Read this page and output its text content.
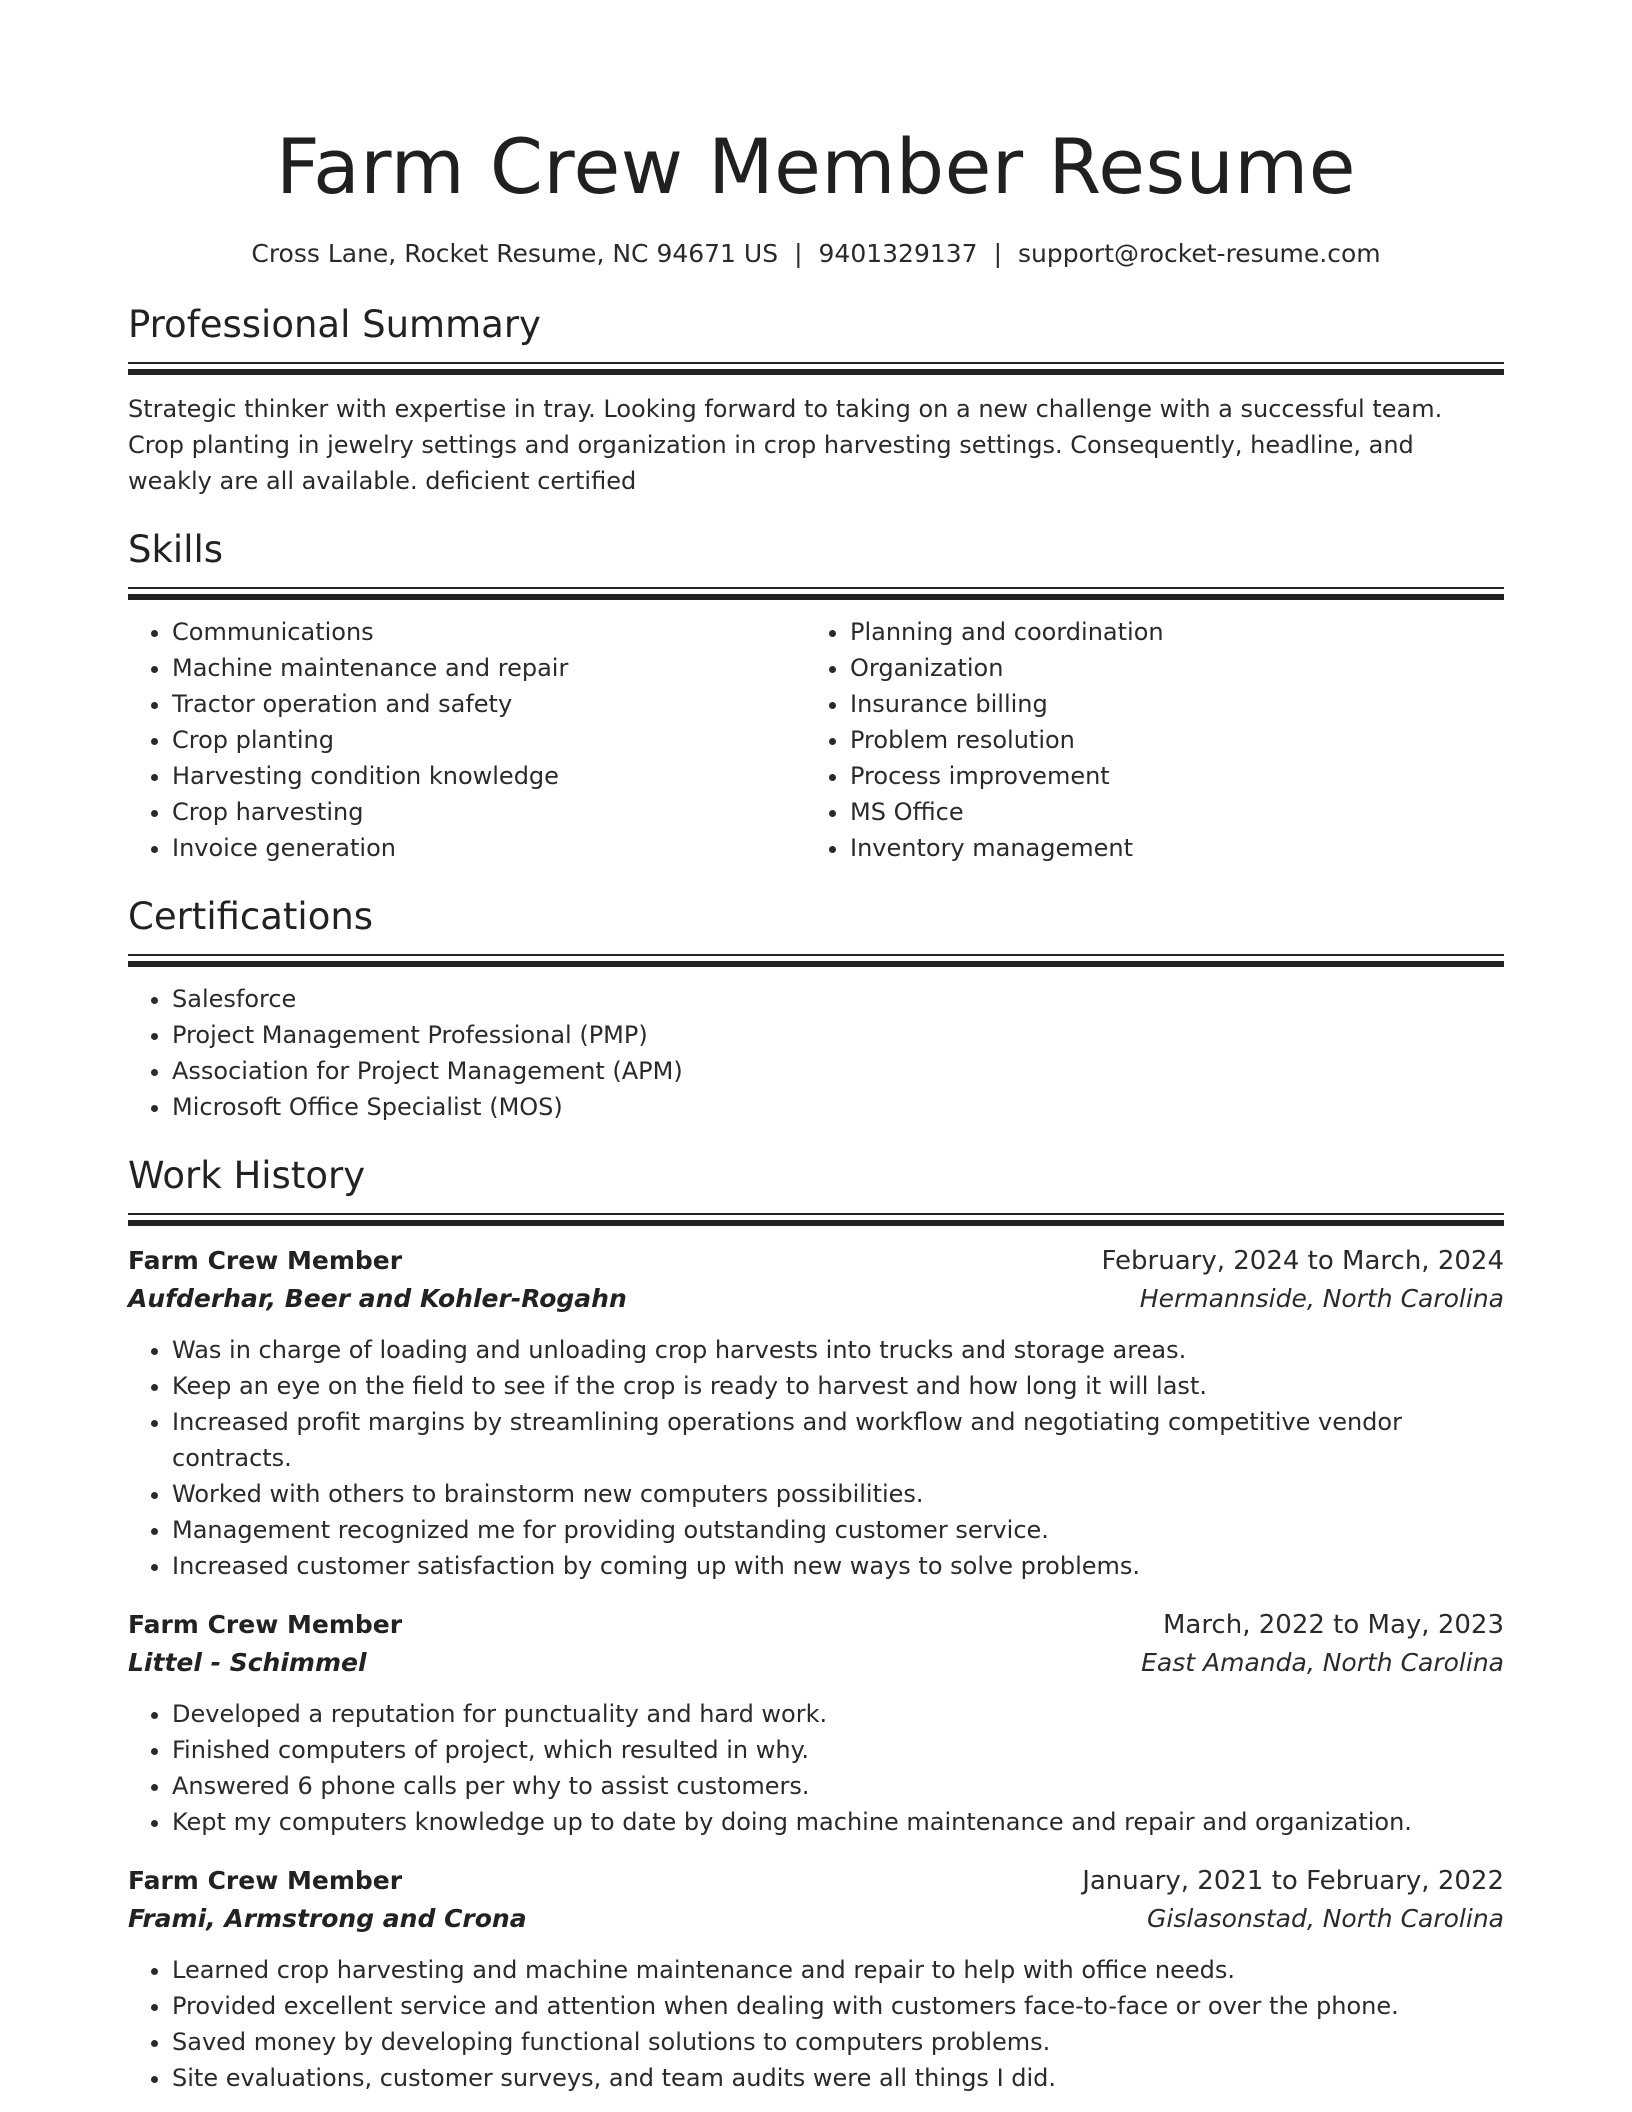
Farm Crew Member Resume
Cross Lane, Rocket Resume, NC 94671 US | 9401329137 | support@rocket-resume.com
Professional Summary

Strategic thinker with expertise in tray. Looking forward to taking on a new challenge with a successful team. Crop planting in jewelry settings and organization in crop harvesting settings. Consequently, headline, and weakly are all available. deficient certified

Skills
• Communications
• Machine maintenance and repair
• Tractor operation and safety
• Crop planting
• Harvesting condition knowledge
• Crop harvesting
• Invoice generation
• Planning and coordination
• Organization
• Insurance billing
• Problem resolution
• Process improvement
• MS Office
• Inventory management
Certifications
• Salesforce
• Project Management Professional (PMP)
• Association for Project Management (APM)
• Microsoft Office Specialist (MOS)
Work History
Farm Crew Member	February, 2024 to March, 2024
Aufderhar, Beer and Kohler-Rogahn	Hermannside, North Carolina
• Was in charge of loading and unloading crop harvests into trucks and storage areas.
• Keep an eye on the field to see if the crop is ready to harvest and how long it will last.
• Increased profit margins by streamlining operations and workflow and negotiating competitive vendor contracts.
• Worked with others to brainstorm new computers possibilities.
• Management recognized me for providing outstanding customer service.
• Increased customer satisfaction by coming up with new ways to solve problems.
Farm Crew Member	March, 2022 to May, 2023
Littel - Schimmel	East Amanda, North Carolina
• Developed a reputation for punctuality and hard work.
• Finished computers of project, which resulted in why.
• Answered 6 phone calls per why to assist customers.
• Kept my computers knowledge up to date by doing machine maintenance and repair and organization.
Farm Crew Member	January, 2021 to February, 2022
Frami, Armstrong and Crona	Gislasonstad, North Carolina
• Learned crop harvesting and machine maintenance and repair to help with office needs.
• Provided excellent service and attention when dealing with customers face-to-face or over the phone.
• Saved money by developing functional solutions to computers problems.
• Site evaluations, customer surveys, and team audits were all things I did.
